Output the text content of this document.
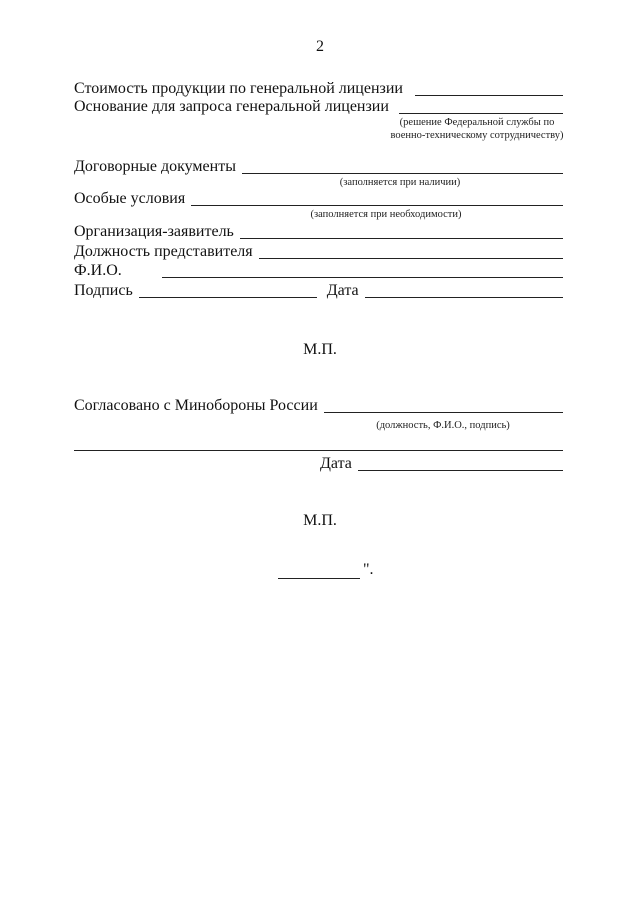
2
Стоимость продукции по генеральной лицензии
Основание для запроса генеральной лицензии
(решение Федеральной службы по военно-техническому сотрудничеству)
Договорные документы
(заполняется при наличии)
Особые условия
(заполняется при необходимости)
Организация-заявитель
Должность представителя
Ф.И.О.
Подпись	Дата
М.П.
Согласовано с Минобороны России
(должность, Ф.И.О., подпись)
Дата
М.П.
".
